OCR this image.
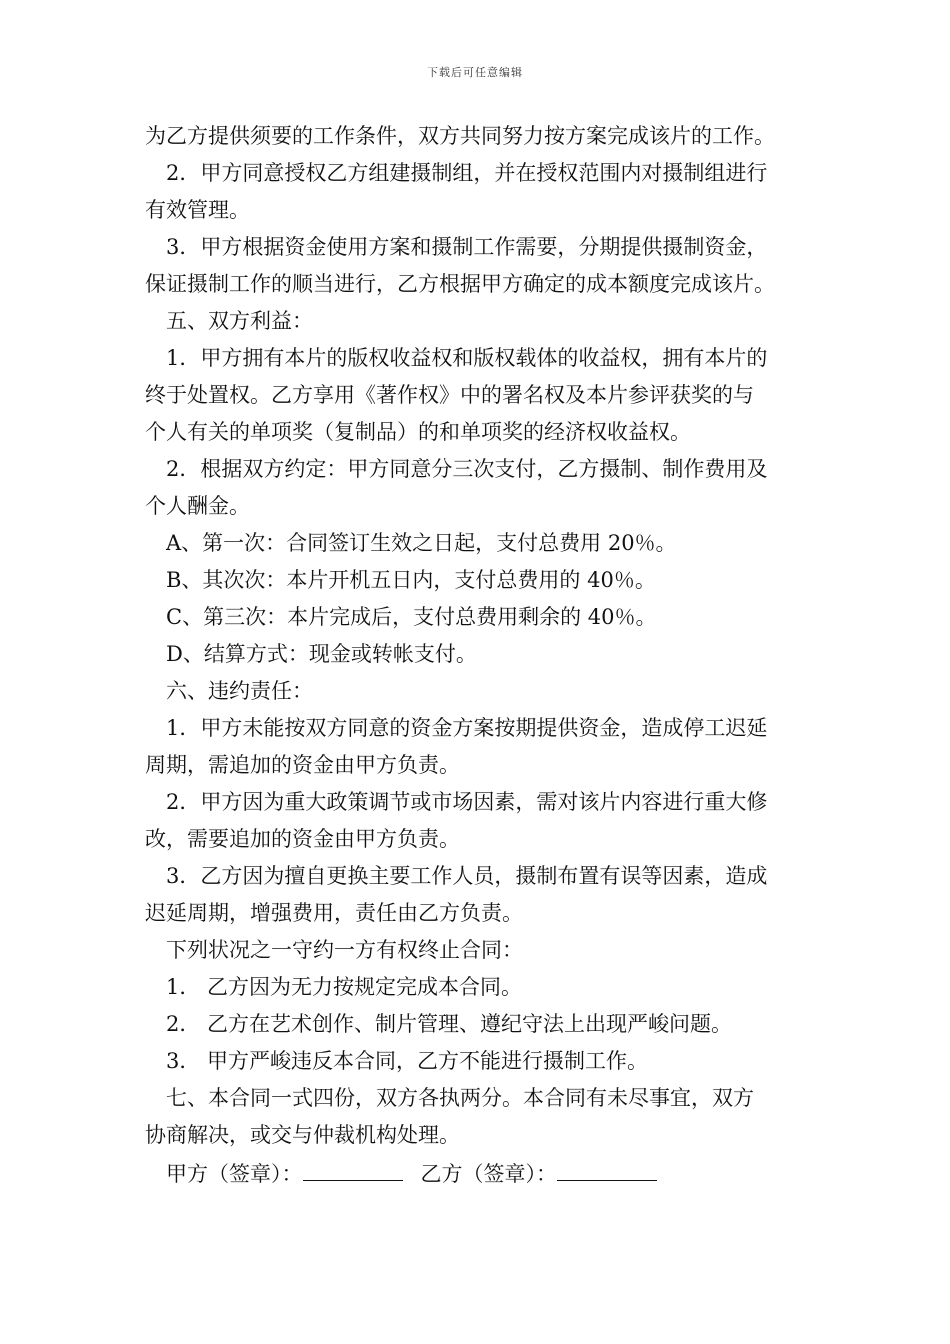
下载后可任意编辑
为乙方提供须要的工作条件，双方共同努力按方案完成该片的工作。
2．甲方同意授权乙方组建摄制组，并在授权范围内对摄制组进行
有效管理。
3．甲方根据资金使用方案和摄制工作需要，分期提供摄制资金，
保证摄制工作的顺当进行，乙方根据甲方确定的成本额度完成该片。
五、双方利益：
1．甲方拥有本片的版权收益权和版权载体的收益权，拥有本片的
终于处置权。乙方享用《著作权》中的署名权及本片参评获奖的与
个人有关的单项奖（复制品）的和单项奖的经济权收益权。
2．根据双方约定：甲方同意分三次支付，乙方摄制、制作费用及
个人酬金。
A、第一次：合同签订生效之日起，支付总费用 20％。
B、其次次：本片开机五日内，支付总费用的 40％。
C、第三次：本片完成后，支付总费用剩余的 40％。
D、结算方式：现金或转帐支付。
六、违约责任：
1．甲方未能按双方同意的资金方案按期提供资金，造成停工迟延
周期，需追加的资金由甲方负责。
2．甲方因为重大政策调节或市场因素，需对该片内容进行重大修
改，需要追加的资金由甲方负责。
3．乙方因为擅自更换主要工作人员，摄制布置有误等因素，造成
迟延周期，增强费用，责任由乙方负责。
下列状况之一守约一方有权终止合同：
1． 乙方因为无力按规定完成本合同。
2． 乙方在艺术创作、制片管理、遵纪守法上出现严峻问题。
3． 甲方严峻违反本合同，乙方不能进行摄制工作。
七、本合同一式四份，双方各执两分。本合同有未尽事宜，双方
协商解决，或交与仲裁机构处理。
甲方（签章）：	乙方（签章）：
